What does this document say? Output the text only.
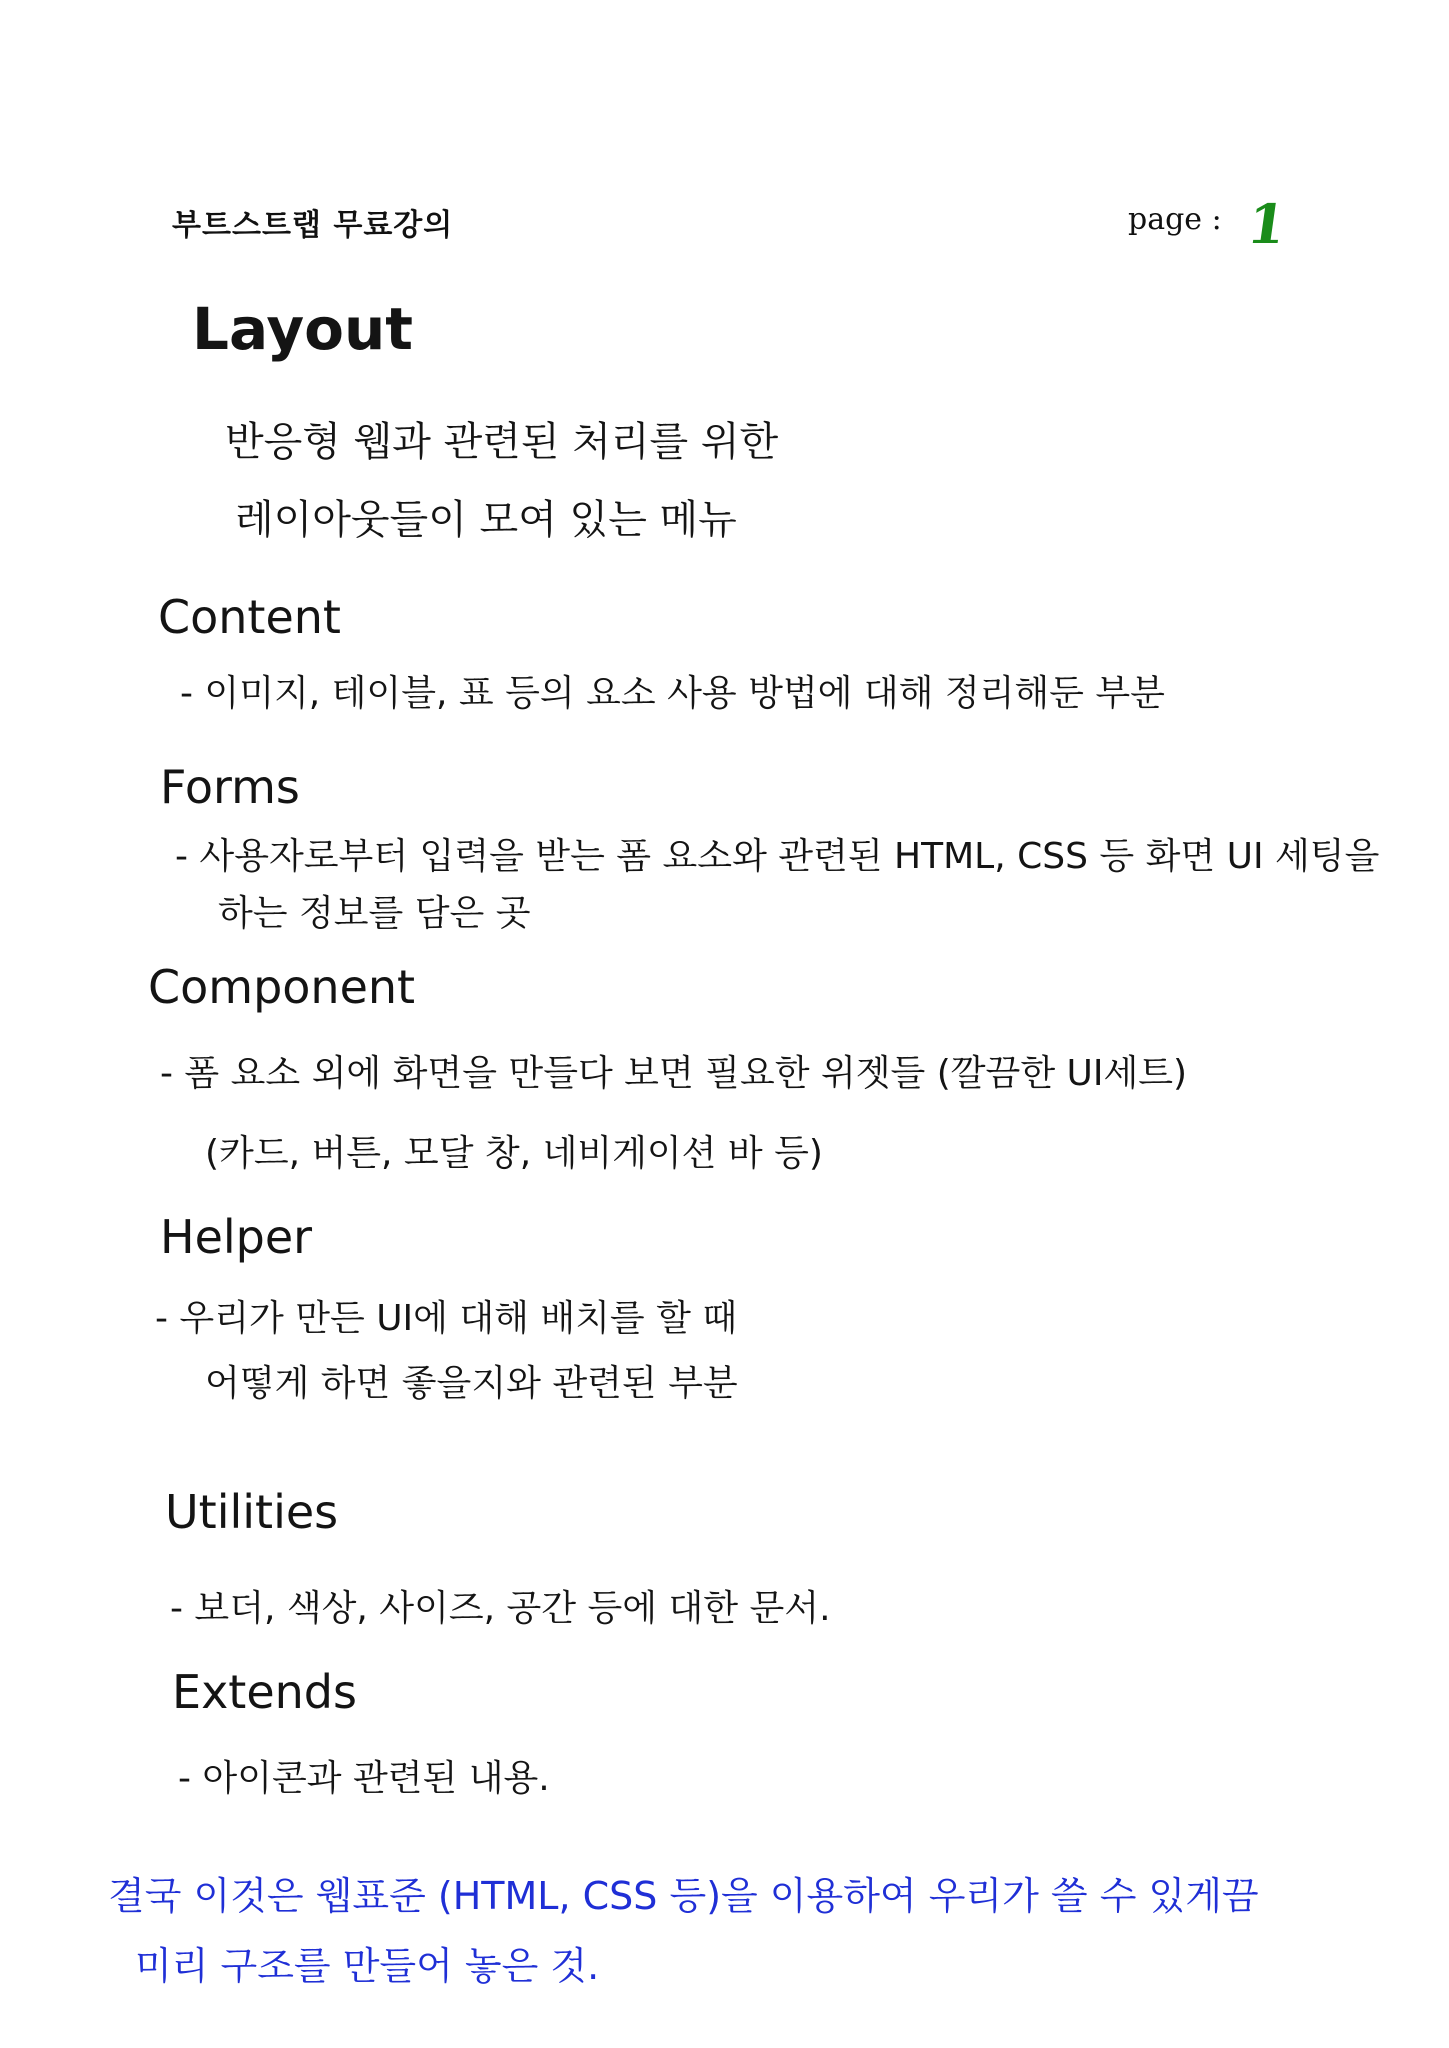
부트스트랩 무료강의	page : 1
Layout
반응형 웹과 관련된 처리를 위한
레이아웃들이 모여 있는 메뉴
Content
- 이미지, 테이블, 표 등의 요소 사용 방법에 대해 정리해둔 부분
Forms
- 사용자로부터 입력을 받는 폼 요소와 관련된 HTML, CSS 등 화면 UI 세팅을
하는 정보를 담은 곳
Component
- 폼 요소 외에 화면을 만들다 보면 필요한 위젯들 (깔끔한 UI세트)
(카드, 버튼, 모달 창, 네비게이션 바 등)
Helper
- 우리가 만든 UI에 대해 배치를 할 때
어떻게 하면 좋을지와 관련된 부분
Utilities
- 보더, 색상, 사이즈, 공간 등에 대한 문서.
Extends
- 아이콘과 관련된 내용.
결국 이것은 웹표준 (HTML, CSS 등)을 이용하여 우리가 쓸 수 있게끔
미리 구조를 만들어 놓은 것.
